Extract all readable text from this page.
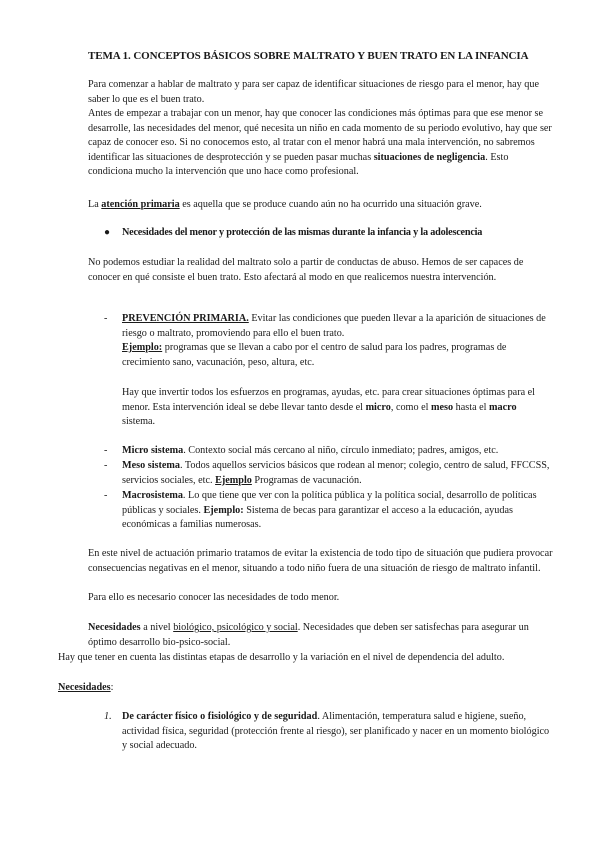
TEMA 1. CONCEPTOS BÁSICOS SOBRE MALTRATO Y BUEN TRATO EN LA INFANCIA

Para comenzar a hablar de maltrato y para ser capaz de identificar situaciones de riesgo para el menor, hay que saber lo que es el buen trato.

Antes de empezar a trabajar con un menor, hay que conocer las condiciones más óptimas para que ese menor se desarrolle, las necesidades del menor, qué necesita un niño en cada momento de su periodo evolutivo, hay que ser capaz de conocer eso. Si no conocemos esto, al tratar con el menor habrá una mala intervención, no sabremos identificar las situaciones de desprotección y se pueden pasar muchas situaciones de negligencia. Esto condiciona mucho la intervención que uno hace como profesional.

La atención primaria es aquella que se produce cuando aún no ha ocurrido una situación grave.

● Necesidades del menor y protección de las mismas durante la infancia y la adolescencia

No podemos estudiar la realidad del maltrato solo a partir de conductas de abuso. Hemos de ser capaces de conocer en qué consiste el buen trato. Esto afectará al modo en que realicemos nuestra intervención.

- PREVENCIÓN PRIMARIA. Evitar las condiciones que pueden llevar a la aparición de situaciones de riesgo o maltrato, promoviendo para ello el buen trato.
Ejemplo: programas que se llevan a cabo por el centro de salud para los padres, programas de crecimiento sano, vacunación, peso, altura, etc.

Hay que invertir todos los esfuerzos en programas, ayudas, etc. para crear situaciones óptimas para el menor. Esta intervención ideal se debe llevar tanto desde el micro, como el meso hasta el macro sistema.

- Micro sistema. Contexto social más cercano al niño, círculo inmediato; padres, amigos, etc.

- Meso sistema. Todos aquellos servicios básicos que rodean al menor; colegio, centro de salud, FFCCSS, servicios sociales, etc. Ejemplo Programas de vacunación.

- Macrosistema. Lo que tiene que ver con la política pública y la política social, desarrollo de políticas públicas y sociales. Ejemplo: Sistema de becas para garantizar el acceso a la educación, ayudas económicas a familias numerosas.

En este nivel de actuación primario tratamos de evitar la existencia de todo tipo de situación que pudiera provocar consecuencias negativas en el menor, situando a todo niño fuera de una situación de riesgo de maltrato infantil.

Para ello es necesario conocer las necesidades de todo menor.

Necesidades a nivel biológico, psicológico y social. Necesidades que deben ser satisfechas para asegurar un óptimo desarrollo bio-psico-social.

Hay que tener en cuenta las distintas etapas de desarrollo y la variación en el nivel de dependencia del adulto.

Necesidades:

1. De carácter físico o fisiológico y de seguridad. Alimentación, temperatura salud e higiene, sueño, actividad física, seguridad (protección frente al riesgo), ser planificado y nacer en un momento biológico y social adecuado.
